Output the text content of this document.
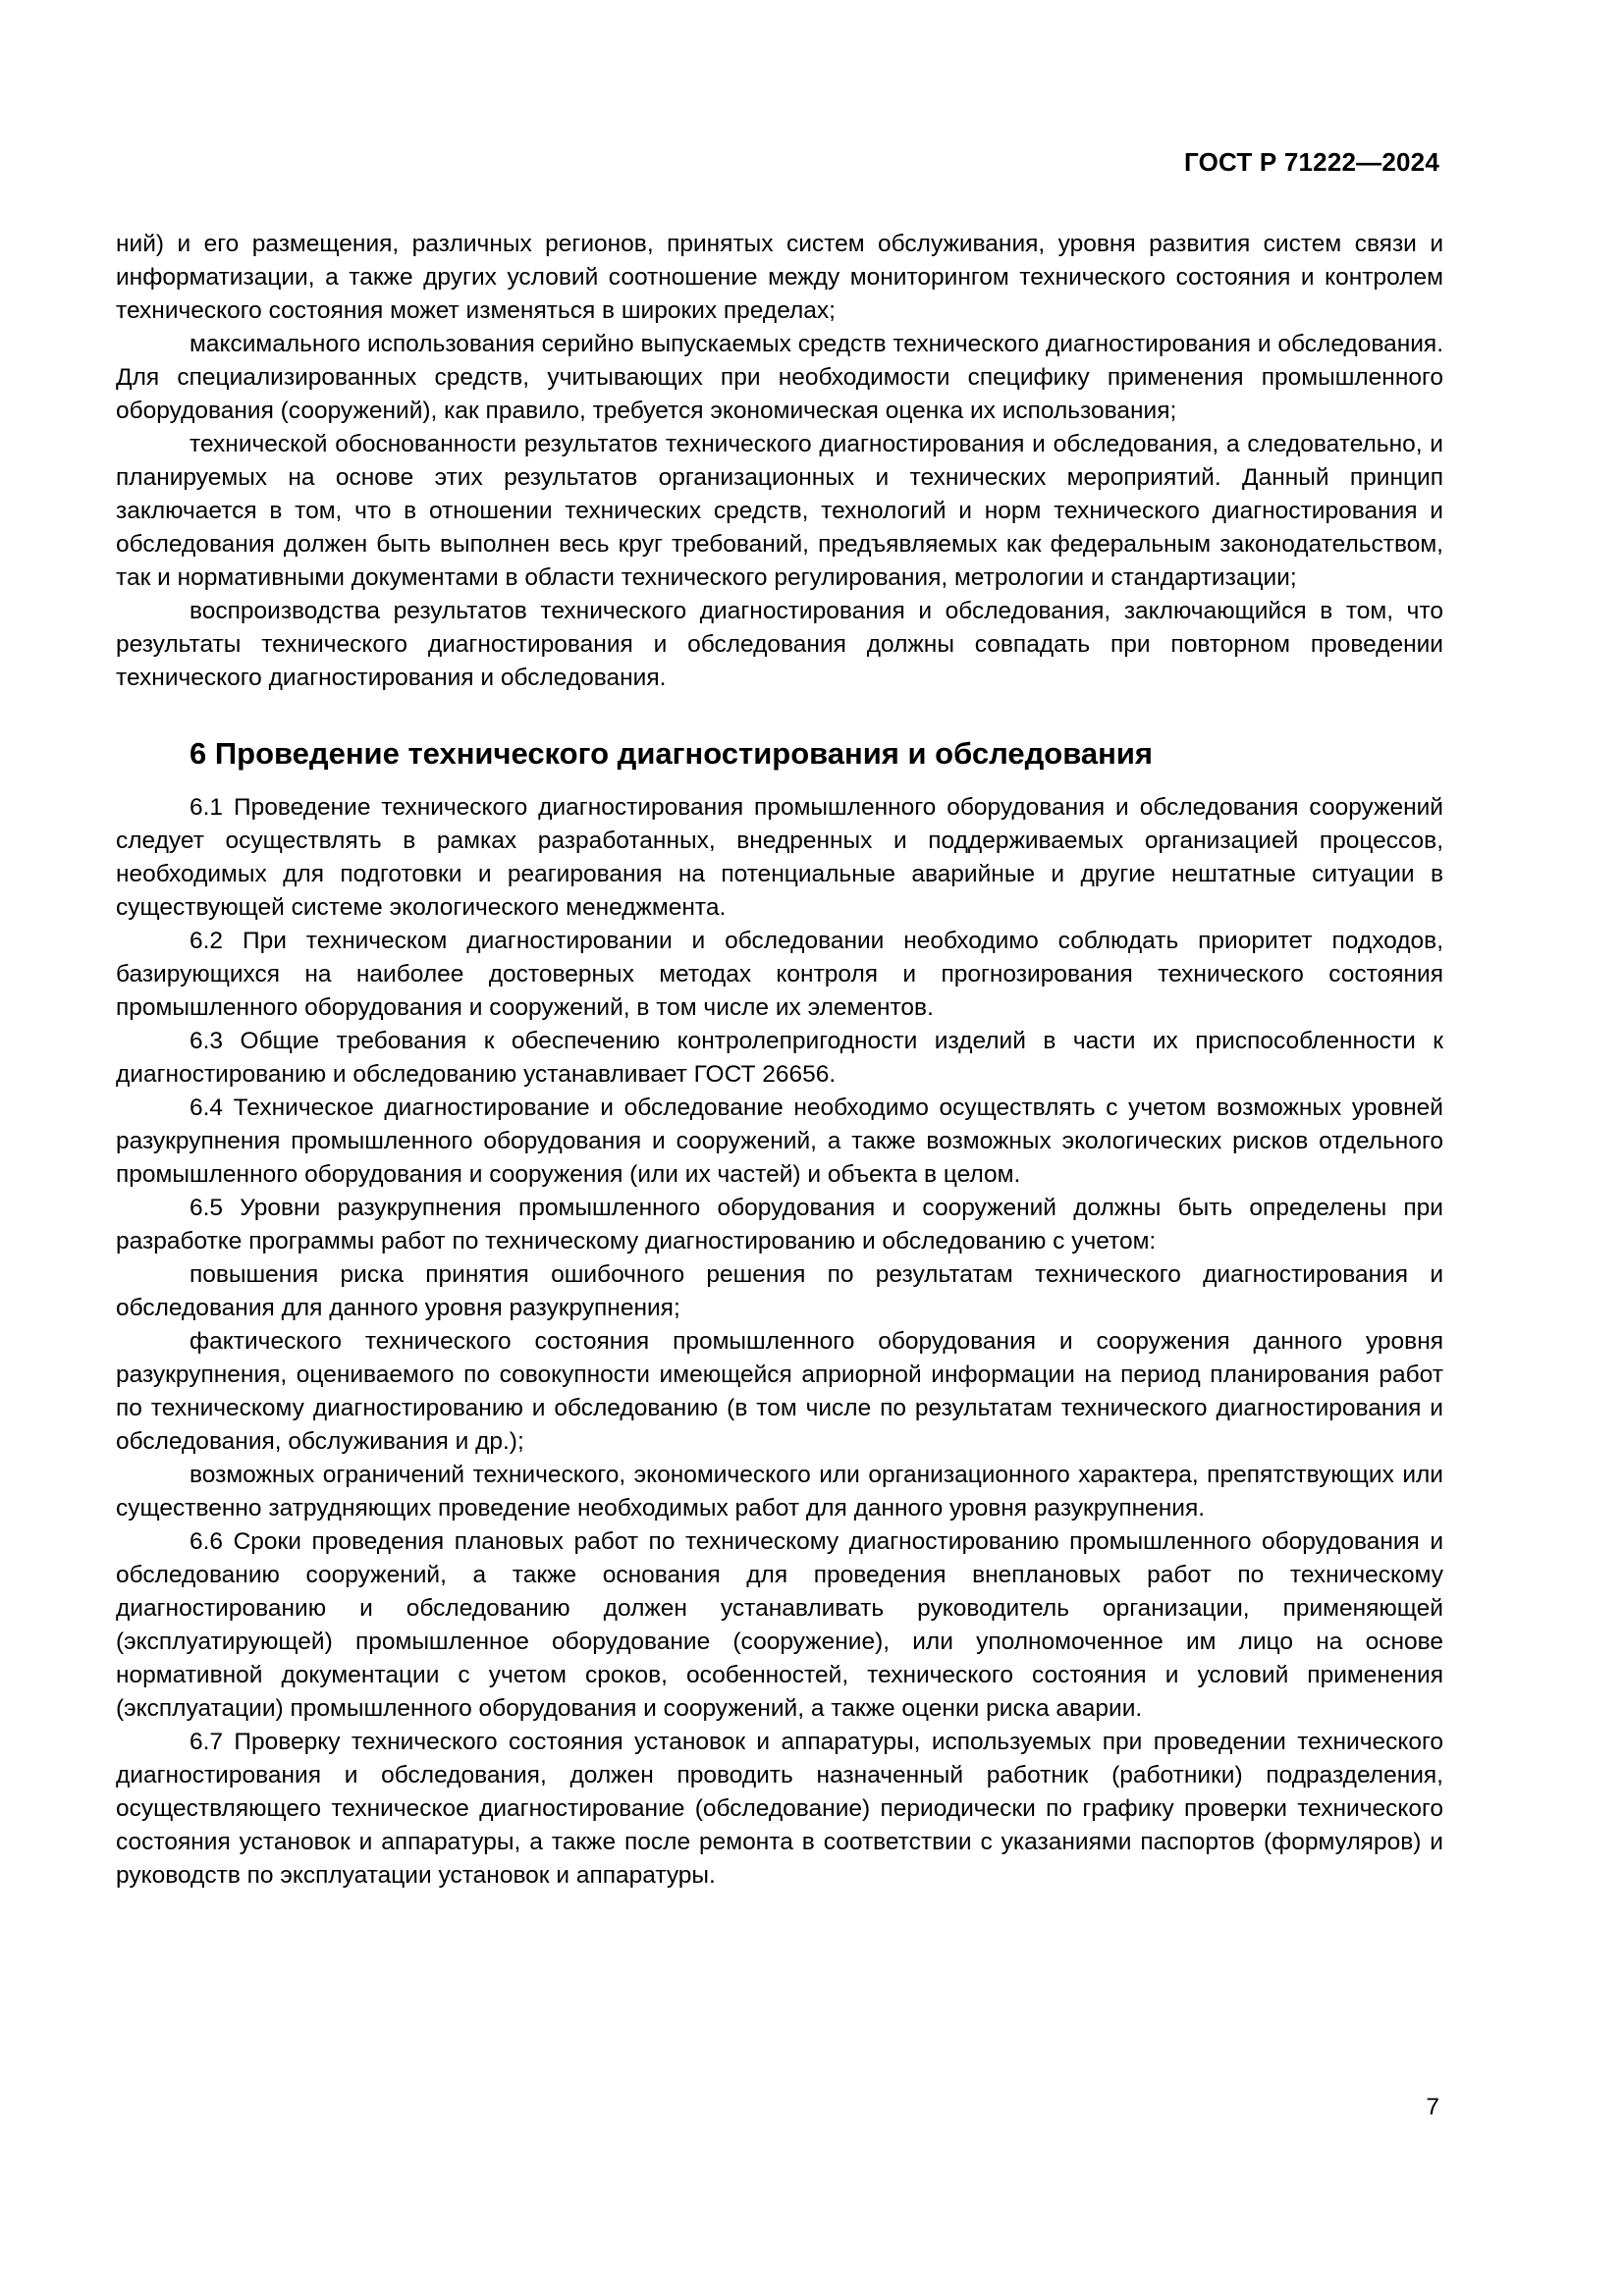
ГОСТ Р 71222—2024

ний) и его размещения, различных регионов, принятых систем обслуживания, уровня развития систем связи и информатизации, а также других условий соотношение между мониторингом технического состояния и контролем технического состояния может изменяться в широких пределах;

максимального использования серийно выпускаемых средств технического диагностирования и обследования. Для специализированных средств, учитывающих при необходимости специфику применения промышленного оборудования (сооружений), как правило, требуется экономическая оценка их использования;

технической обоснованности результатов технического диагностирования и обследования, а следовательно, и планируемых на основе этих результатов организационных и технических мероприятий. Данный принцип заключается в том, что в отношении технических средств, технологий и норм технического диагностирования и обследования должен быть выполнен весь круг требований, предъявляемых как федеральным законодательством, так и нормативными документами в области технического регулирования, метрологии и стандартизации;

воспроизводства результатов технического диагностирования и обследования, заключающийся в том, что результаты технического диагностирования и обследования должны совпадать при повторном проведении технического диагностирования и обследования.

6 Проведение технического диагностирования и обследования

6.1 Проведение технического диагностирования промышленного оборудования и обследования сооружений следует осуществлять в рамках разработанных, внедренных и поддерживаемых организацией процессов, необходимых для подготовки и реагирования на потенциальные аварийные и другие нештатные ситуации в существующей системе экологического менеджмента.

6.2 При техническом диагностировании и обследовании необходимо соблюдать приоритет подходов, базирующихся на наиболее достоверных методах контроля и прогнозирования технического состояния промышленного оборудования и сооружений, в том числе их элементов.

6.3 Общие требования к обеспечению контролепригодности изделий в части их приспособленности к диагностированию и обследованию устанавливает ГОСТ 26656.

6.4 Техническое диагностирование и обследование необходимо осуществлять с учетом возможных уровней разукрупнения промышленного оборудования и сооружений, а также возможных экологических рисков отдельного промышленного оборудования и сооружения (или их частей) и объекта в целом.

6.5 Уровни разукрупнения промышленного оборудования и сооружений должны быть определены при разработке программы работ по техническому диагностированию и обследованию с учетом:

повышения риска принятия ошибочного решения по результатам технического диагностирования и обследования для данного уровня разукрупнения;

фактического технического состояния промышленного оборудования и сооружения данного уровня разукрупнения, оцениваемого по совокупности имеющейся априорной информации на период планирования работ по техническому диагностированию и обследованию (в том числе по результатам технического диагностирования и обследования, обслуживания и др.);

возможных ограничений технического, экономического или организационного характера, препятствующих или существенно затрудняющих проведение необходимых работ для данного уровня разукрупнения.

6.6 Сроки проведения плановых работ по техническому диагностированию промышленного оборудования и обследованию сооружений, а также основания для проведения внеплановых работ по техническому диагностированию и обследованию должен устанавливать руководитель организации, применяющей (эксплуатирующей) промышленное оборудование (сооружение), или уполномоченное им лицо на основе нормативной документации с учетом сроков, особенностей, технического состояния и условий применения (эксплуатации) промышленного оборудования и сооружений, а также оценки риска аварии.

6.7 Проверку технического состояния установок и аппаратуры, используемых при проведении технического диагностирования и обследования, должен проводить назначенный работник (работники) подразделения, осуществляющего техническое диагностирование (обследование) периодически по графику проверки технического состояния установок и аппаратуры, а также после ремонта в соответствии с указаниями паспортов (формуляров) и руководств по эксплуатации установок и аппаратуры.

7
